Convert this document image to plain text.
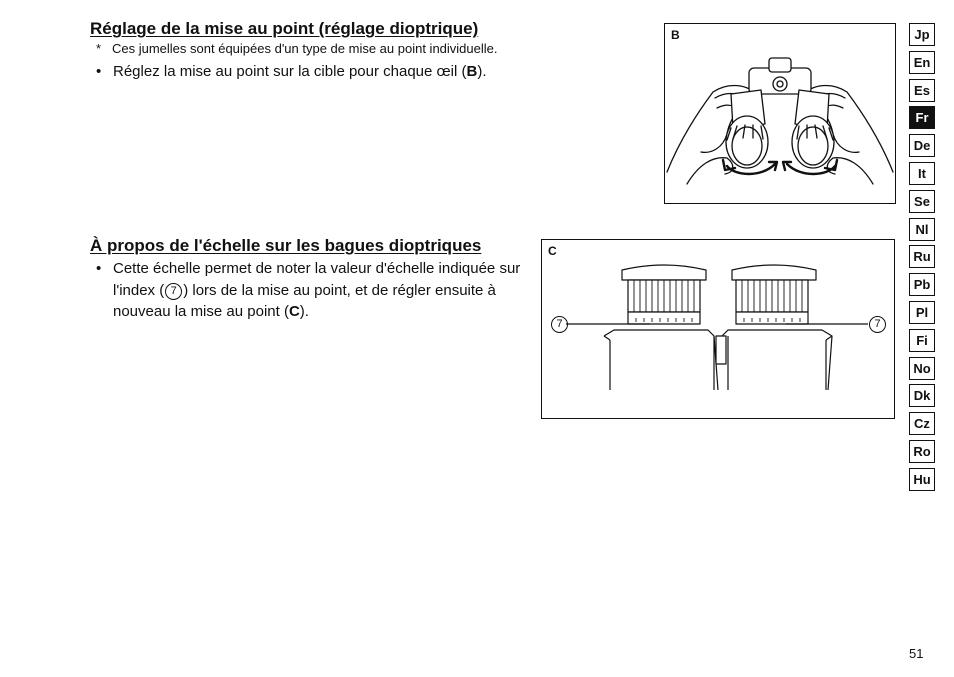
Réglage de la mise au point (réglage dioptrique)
* Ces jumelles sont équipées d'un type de mise au point individuelle.
• Réglez la mise au point sur la cible pour chaque œil (B).
À propos de l'échelle sur les bagues dioptriques
• Cette échelle permet de noter la valeur d'échelle indiquée sur l'index ( 7 ) lors de la mise au point, et de régler ensuite à nouveau la mise au point (C).
B
C
7	7
Jp
En
Es
Fr
De
It
Se
Nl
Ru
Pb
Pl
Fi
No
Dk
Cz
Ro
Hu
51
